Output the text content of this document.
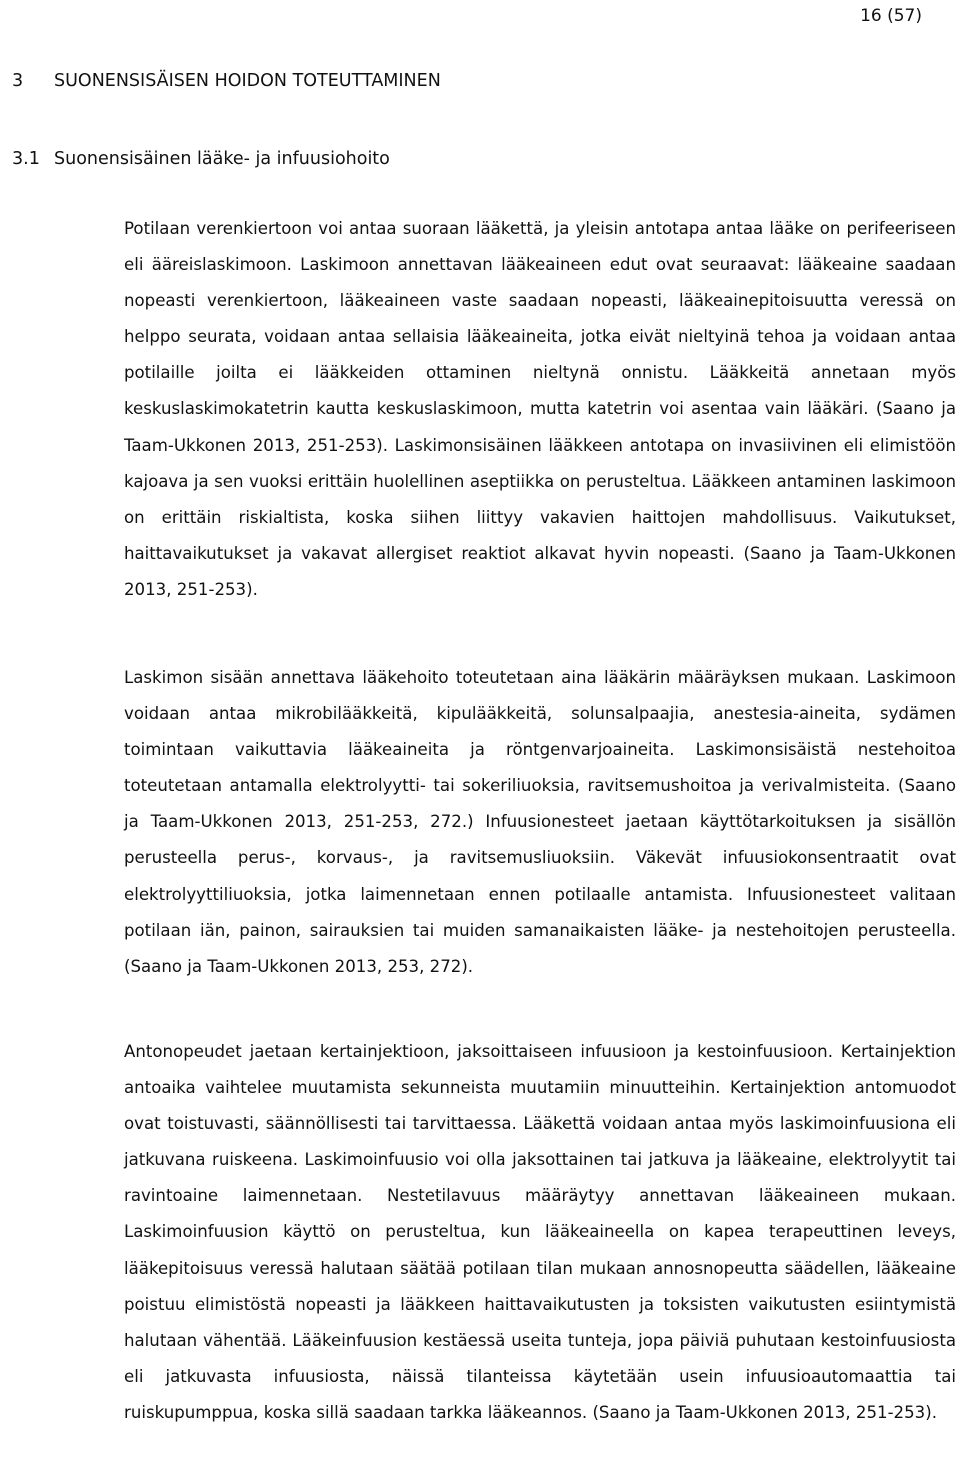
16 (57)
3 SUONENSISÄISEN HOIDON TOTEUTTAMINEN
3.1 Suonensisäinen lääke- ja infuusiohoito

Potilaan verenkiertoon voi antaa suoraan lääkettä, ja yleisin antotapa antaa lääke on perifeeriseen eli ääreislaskimoon. Laskimoon annettavan lääkeaineen edut ovat seuraavat: lääkeaine saadaan nopeasti verenkiertoon, lääkeaineen vaste saadaan nopeasti, lääkeainepitoisuutta veressä on helppo seurata, voidaan antaa sellaisia lääkeaineita, jotka eivät nieltyinä tehoa ja voidaan antaa potilaille joilta ei lääkkeiden ottaminen nieltynä onnistu. Lääkkeitä annetaan myös keskuslaskimokatetrin kautta keskuslaskimoon, mutta katetrin voi asentaa vain lääkäri. (Saano ja Taam-Ukkonen 2013, 251-253). Laskimonsisäinen lääkkeen antotapa on invasiivinen eli elimistöön kajoava ja sen vuoksi erittäin huolellinen aseptiikka on perusteltua. Lääkkeen antaminen laskimoon on erittäin riskialtista, koska siihen liittyy vakavien haittojen mahdollisuus. Vaikutukset, haittavaikutukset ja vakavat allergiset reaktiot alkavat hyvin nopeasti. (Saano ja Taam-Ukkonen 2013, 251-253).

Laskimon sisään annettava lääkehoito toteutetaan aina lääkärin määräyksen mukaan. Laskimoon voidaan antaa mikrobilääkkeitä, kipulääkkeitä, solunsalpaajia, anestesia-aineita, sydämen toimintaan vaikuttavia lääkeaineita ja röntgenvarjoaineita. Laskimonsisäistä nestehoitoa toteutetaan antamalla elektrolyytti- tai sokeriliuoksia, ravitsemushoitoa ja verivalmisteita. (Saano ja Taam-Ukkonen 2013, 251-253, 272.) Infuusionesteet jaetaan käyttötarkoituksen ja sisällön perusteella perus-, korvaus-, ja ravitsemusliuoksiin. Väkevät infuusiokonsentraatit ovat elektrolyyttiliuoksia, jotka laimennetaan ennen potilaalle antamista. Infuusionesteet valitaan potilaan iän, painon, sairauksien tai muiden samanaikaisten lääke- ja nestehoitojen perusteella. (Saano ja Taam-Ukkonen 2013, 253, 272).

Antonopeudet jaetaan kertainjektioon, jaksoittaiseen infuusioon ja kestoinfuusioon. Kertainjektion antoaika vaihtelee muutamista sekunneista muutamiin minuutteihin. Kertainjektion antomuodot ovat toistuvasti, säännöllisesti tai tarvittaessa. Lääkettä voidaan antaa myös laskimoinfuusiona eli jatkuvana ruiskeena. Laskimoinfuusio voi olla jaksottainen tai jatkuva ja lääkeaine, elektrolyytit tai ravintoaine laimennetaan. Nestetilavuus määräytyy annettavan lääkeaineen mukaan. Laskimoinfuusion käyttö on perusteltua, kun lääkeaineella on kapea terapeuttinen leveys, lääkepitoisuus veressä halutaan säätää potilaan tilan mukaan annosnopeutta säädellen, lääkeaine poistuu elimistöstä nopeasti ja lääkkeen haittavaikutusten ja toksisten vaikutusten esiintymistä halutaan vähentää. Lääkeinfuusion kestäessä useita tunteja, jopa päiviä puhutaan kestoinfuusiosta eli jatkuvasta infuusiosta, näissä tilanteissa käytetään usein infuusioautomaattia tai ruiskupumppua, koska sillä saadaan tarkka lääkeannos. (Saano ja Taam-Ukkonen 2013, 251-253).
